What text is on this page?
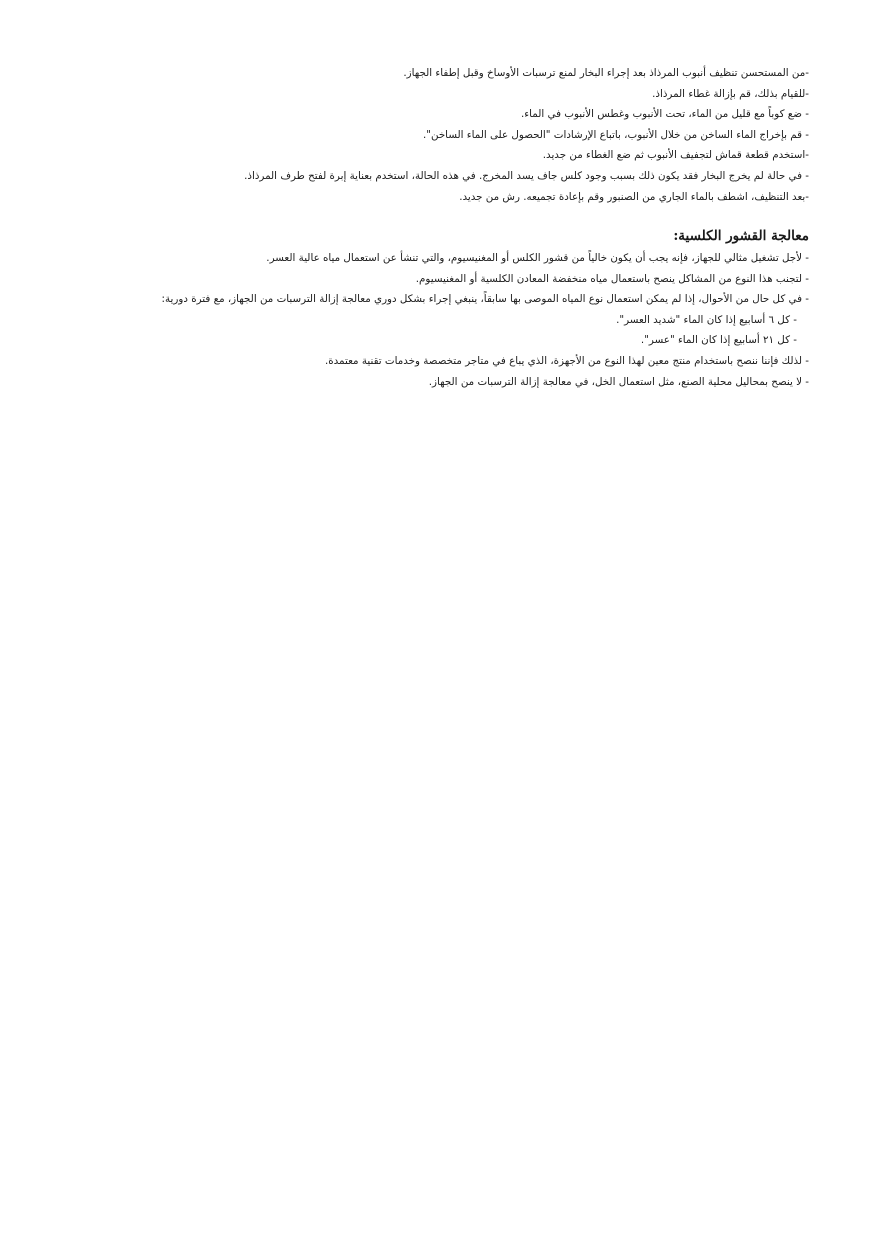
-من المستحسن تنظيف أنبوب المرذاذ بعد إجراء البخار لمنع ترسبات الأوساخ وقبل إطفاء الجهاز.

-للقيام بذلك، قم بإزالة غطاء المرذاذ.

- ضع كوباً مع قليل من الماء، تحت الأنبوب وغطس الأنبوب في الماء.

- قم بإخراج الماء الساخن من خلال الأنبوب، باتباع الإرشادات "الحصول على الماء الساخن".

-استخدم قطعة قماش لتجفيف الأنبوب ثم ضع الغطاء من جديد.

- في حالة لم يخرج البخار فقد يكون ذلك بسبب وجود كلس جاف يسد المخرج. في هذه الحالة، استخدم بعناية إبرة لفتح طرف المرذاذ.

-بعد التنظيف، اشطف بالماء الجاري من الصنبور وقم بإعادة تجميعه. رش من جديد.

معالجة القشور الكلسية:

- لأجل تشغيل مثالي للجهاز، فإنه يجب أن يكون خالياً من قشور الكلس أو المغنيسيوم، والتي تنشأ عن استعمال مياه عالية العسر.

- لتجنب هذا النوع من المشاكل ينصح باستعمال مياه منخفضة المعادن الكلسية أو المغنيسيوم.

- في كل حال من الأحوال، إذا لم يمكن استعمال نوع المياه الموصى بها سابقاً، ينبغي إجراء بشكل دوري معالجة إزالة الترسبات من الجهاز، مع فترة دورية:

- كل ٦ أسابيع إذا كان الماء "شديد العسر".

- كل ٢١ أسابيع إذا كان الماء "عسر".

- لذلك فإننا ننصح باستخدام منتج معين لهذا النوع من الأجهزة، الذي يباع في متاجر متخصصة وخدمات تقنية معتمدة.

- لا ينصح بمحاليل محلية الصنع، مثل استعمال الخل، في معالجة إزالة الترسبات من الجهاز.
